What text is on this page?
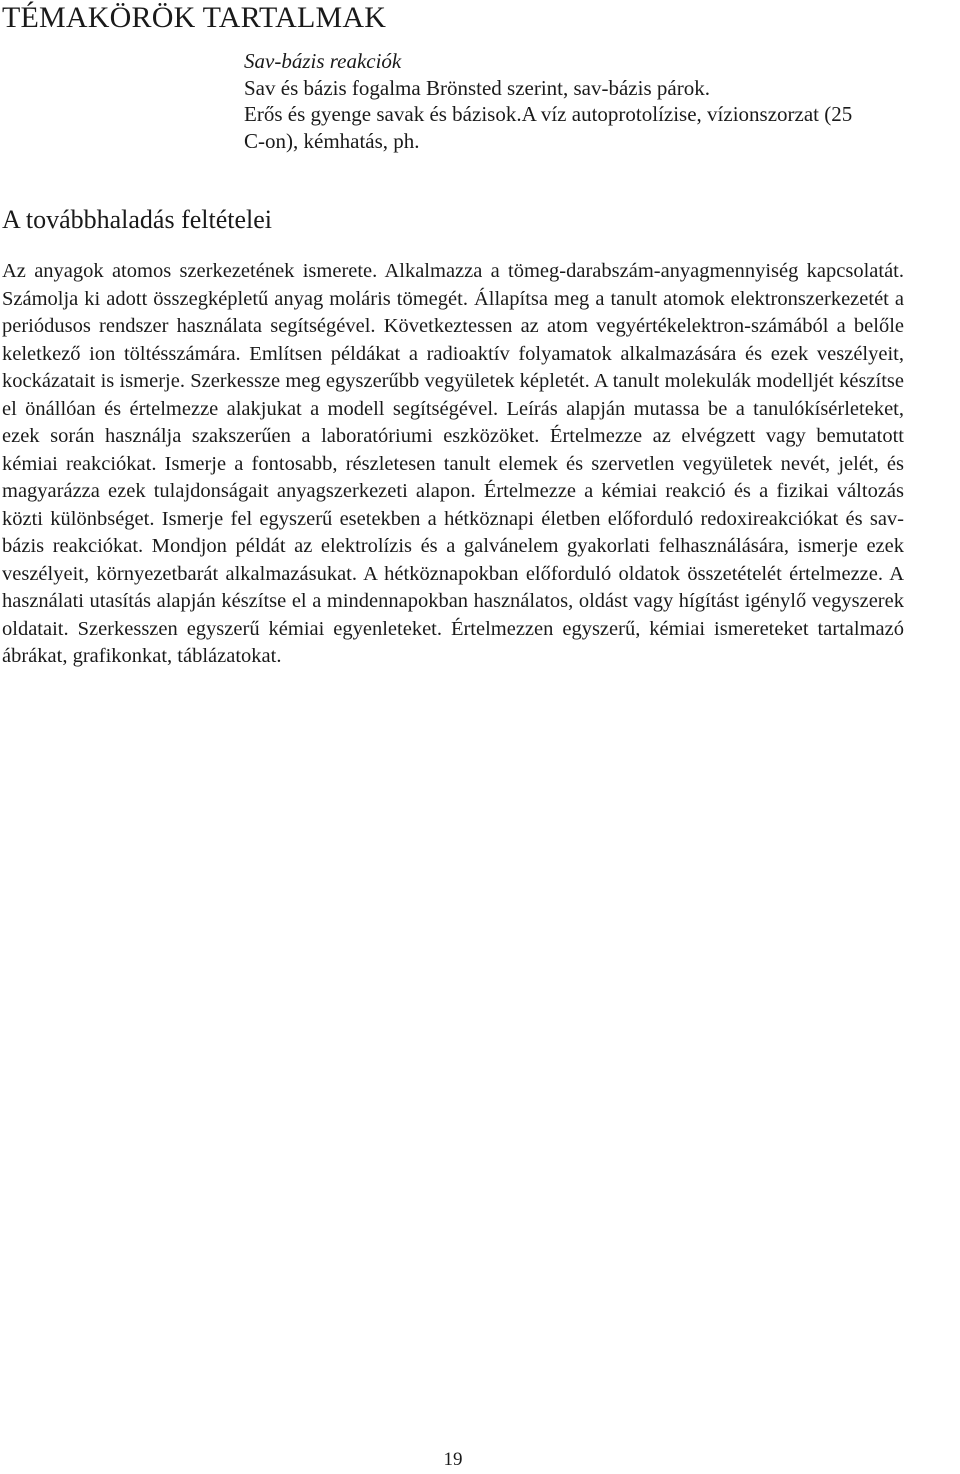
TÉMAKÖRÖK TARTALMAK
Sav-bázis reakciók
Sav és bázis fogalma Brönsted szerint, sav-bázis párok.
Erős és gyenge savak és bázisok.A víz autoprotolízise, vízionszorzat (25
C-on), kémhatás, ph.
A továbbhaladás feltételei

Az anyagok atomos szerkezetének ismerete. Alkalmazza a tömeg-darabszám-anyagmennyiség kapcsolatát. Számolja ki adott összegképletű anyag moláris tömegét. Állapítsa meg a tanult atomok elektronszerkezetét a periódusos rendszer használata segítségével. Következtessen az atom vegyértékelektron-számából a belőle keletkező ion töltésszámára. Említsen példákat a radioaktív folyamatok alkalmazására és ezek veszélyeit, kockázatait is ismerje. Szerkessze meg egyszerűbb vegyületek képletét. A tanult molekulák modelljét készítse el önállóan és értelmezze alakjukat a modell segítségével. Leírás alapján mutassa be a tanulókísérleteket, ezek során használja szakszerűen a laboratóriumi eszközöket. Értelmezze az elvégzett vagy bemutatott kémiai reakciókat. Ismerje a fontosabb, részletesen tanult elemek és szervetlen vegyületek nevét, jelét, és magyarázza ezek tulajdonságait anyagszerkezeti alapon. Értelmezze a kémiai reakció és a fizikai változás közti különbséget. Ismerje fel egyszerű esetekben a hétköznapi életben előforduló redoxireakciókat és sav-bázis reakciókat. Mondjon példát az elektrolízis és a galvánelem gyakorlati felhasználására, ismerje ezek veszélyeit, környezetbarát alkalmazásukat. A hétköznapokban előforduló oldatok összetételét értelmezze. A használati utasítás alapján készítse el a mindennapokban használatos, oldást vagy hígítást igénylő vegyszerek oldatait. Szerkesszen egyszerű kémiai egyenleteket. Értelmezzen egyszerű, kémiai ismereteket tartalmazó ábrákat, grafikonkat, táblázatokat.

19
